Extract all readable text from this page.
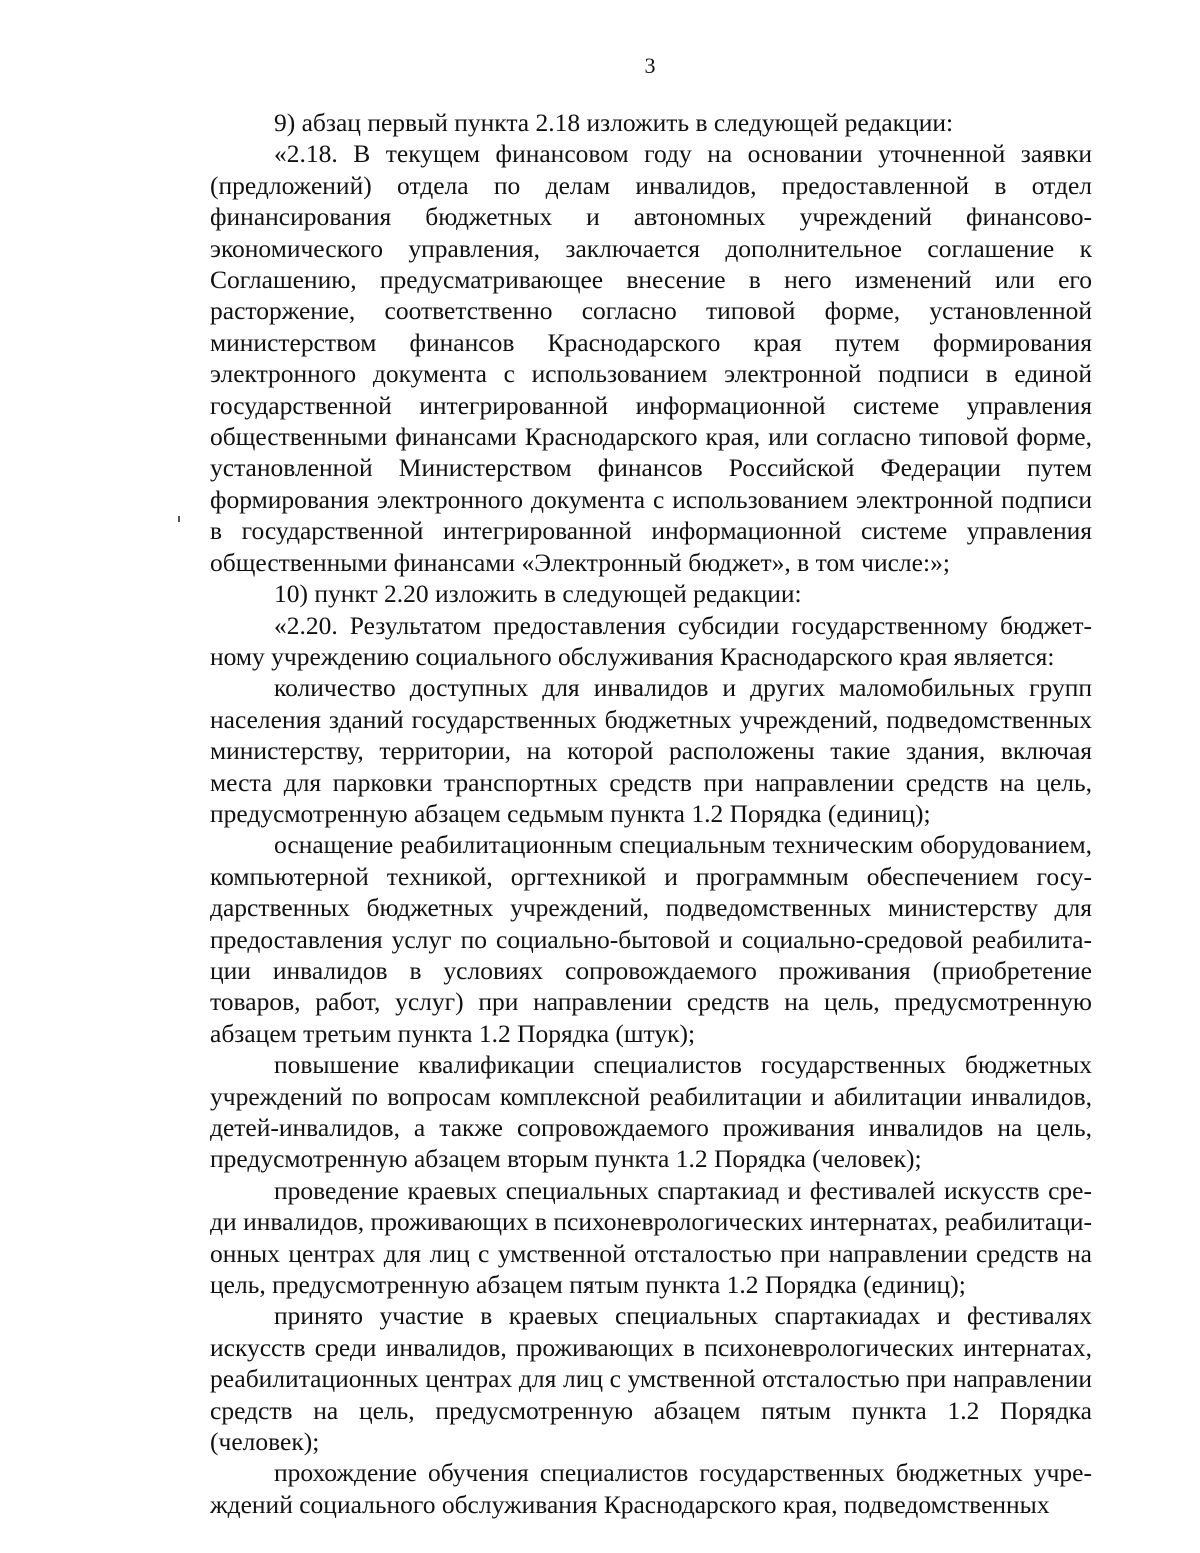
3

9) абзац первый пункта 2.18 изложить в следующей редакции:

«2.18. В текущем финансовом году на основании уточненной заявки (предложений) отдела по делам инвалидов, предоставленной в отдел финансирования бюджетных и автономных учреждений финансово-экономического управления, заключается дополнительное соглашение к Соглашению, предусматривающее внесение в него изменений или его расторжение, соответственно согласно типовой форме, установленной министерством финансов Краснодарского края путем формирования электронного документа с использованием электронной подписи в единой государственной интегрированной информационной системе управления общественными финансами Краснодарского края, или согласно типовой форме, установленной Министерством финансов Российской Федерации путем формирования электронного документа с использованием электронной подписи в государственной интегрированной информационной системе управления общественными финансами «Электронный бюджет», в том числе:»;

10) пункт 2.20 изложить в следующей редакции:

«2.20. Результатом предоставления субсидии государственному бюджетному учреждению социального обслуживания Краснодарского края является:

количество доступных для инвалидов и других маломобильных групп населения зданий государственных бюджетных учреждений, подведомственных министерству, территории, на которой расположены такие здания, включая места для парковки транспортных средств при направлении средств на цель, предусмотренную абзацем седьмым пункта 1.2 Порядка (единиц);

оснащение реабилитационным специальным техническим оборудованием, компьютерной техникой, оргтехникой и программным обеспечением государственных бюджетных учреждений, подведомственных министерству для предоставления услуг по социально-бытовой и социально-средовой реабилитации инвалидов в условиях сопровождаемого проживания (приобретение товаров, работ, услуг) при направлении средств на цель, предусмотренную абзацем третьим пункта 1.2 Порядка (штук);

повышение квалификации специалистов государственных бюджетных учреждений по вопросам комплексной реабилитации и абилитации инвалидов, детей-инвалидов, а также сопровождаемого проживания инвалидов на цель, предусмотренную абзацем вторым пункта 1.2 Порядка (человек);

проведение краевых специальных спартакиад и фестивалей искусств среди инвалидов, проживающих в психоневрологических интернатах, реабилитационных центрах для лиц с умственной отсталостью при направлении средств на цель, предусмотренную абзацем пятым пункта 1.2 Порядка (единиц);

принято участие в краевых специальных спартакиадах и фестивалях искусств среди инвалидов, проживающих в психоневрологических интернатах, реабилитационных центрах для лиц с умственной отсталостью при направлении средств на цель, предусмотренную абзацем пятым пункта 1.2 Порядка (человек);

прохождение обучения специалистов государственных бюджетных учреждений социального обслуживания Краснодарского края, подведомственных
